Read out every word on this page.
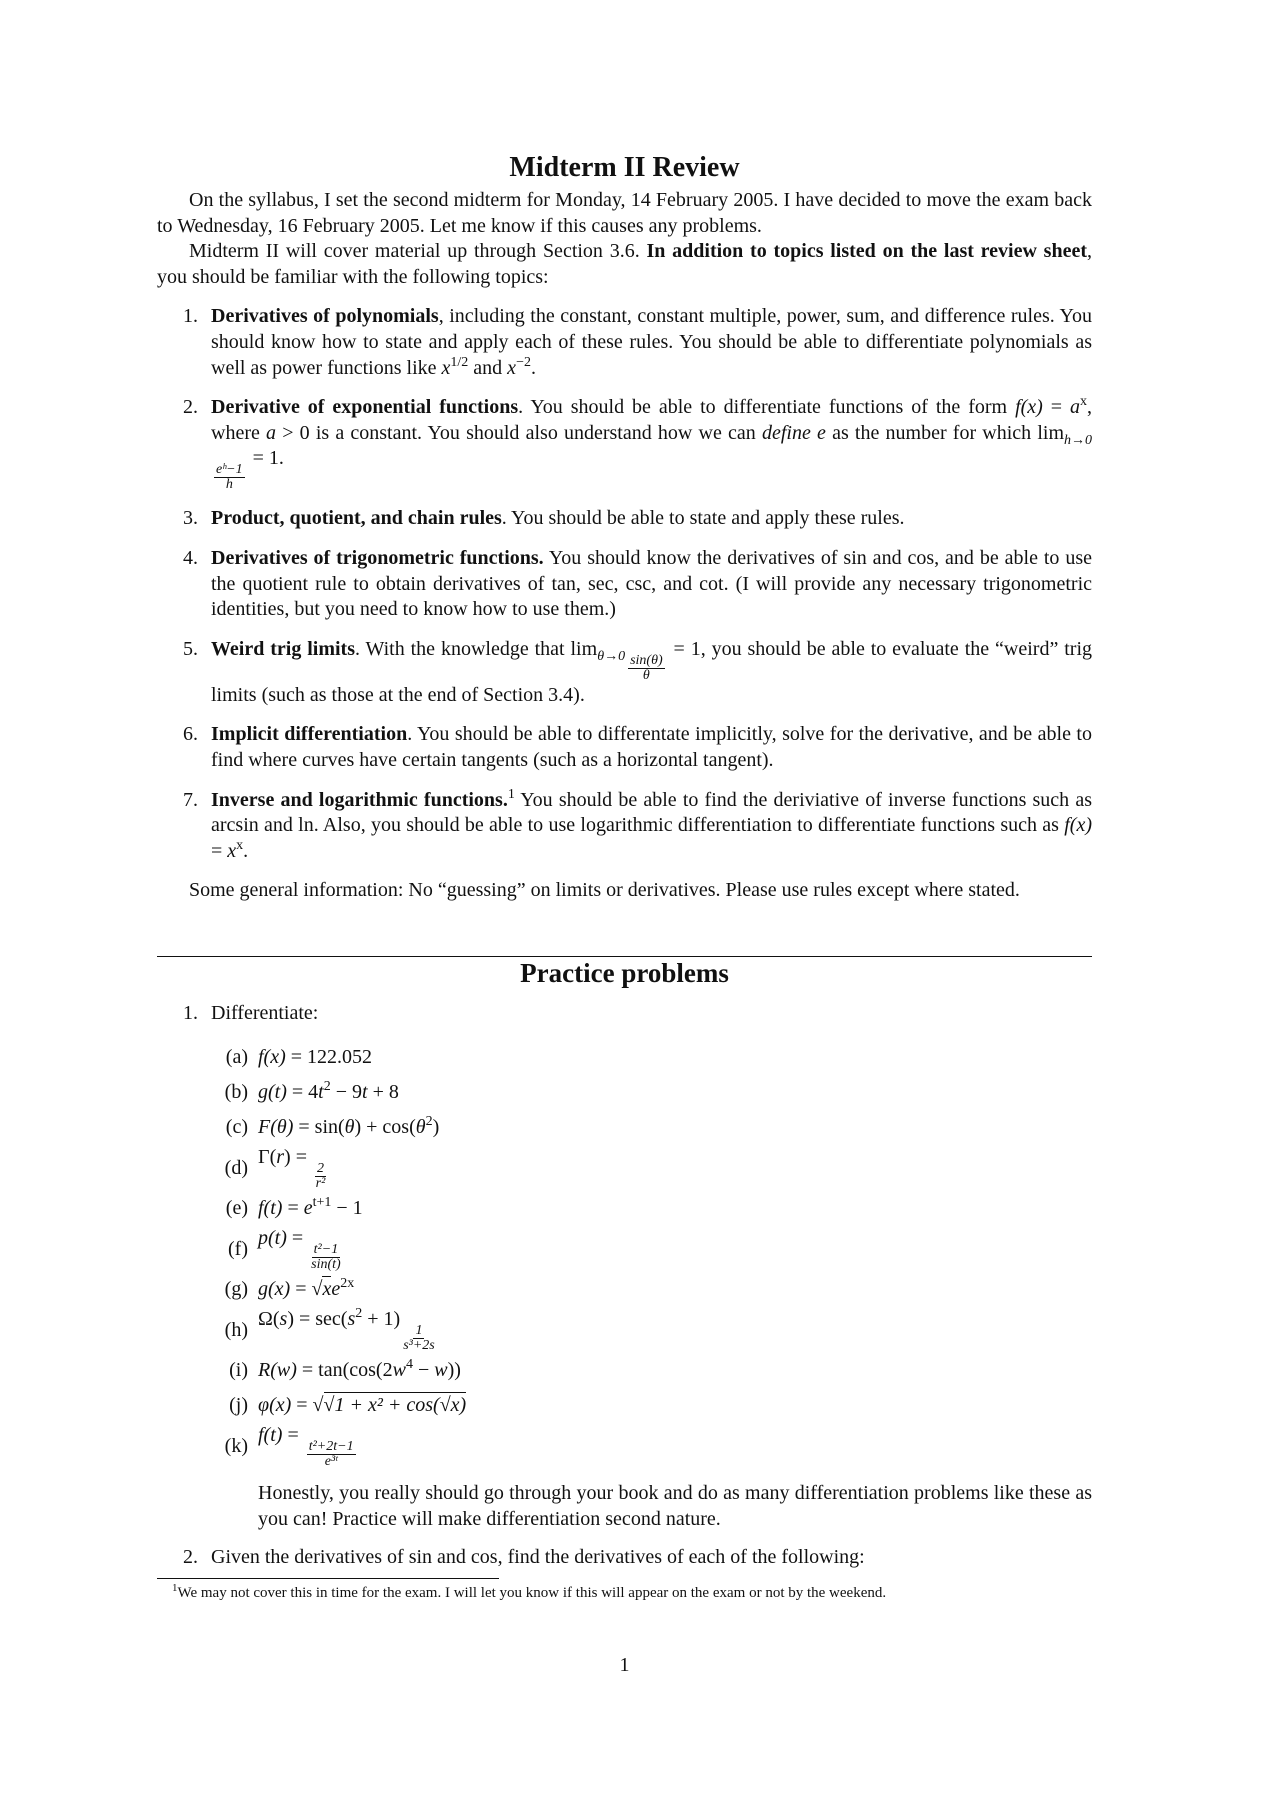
Midterm II Review

On the syllabus, I set the second midterm for Monday, 14 February 2005. I have decided to move the exam back to Wednesday, 16 February 2005. Let me know if this causes any problems.

Midterm II will cover material up through Section 3.6. In addition to topics listed on the last review sheet, you should be familiar with the following topics:

1. Derivatives of polynomials, including the constant, constant multiple, power, sum, and difference rules. You should know how to state and apply each of these rules. You should be able to differentiate polynomials as well as power functions like $x^{1/2}$ and $x^{-2}$.
2. Derivative of exponential functions. You should be able to differentiate functions of the form $f(x) = a^x$, where a > 0 is a constant. You should also understand how we can define e as the number for which $\lim_{h\to 0}$
$\frac{\text{eʰ−1}}{h}$
= 1.
3. Product, quotient, and chain rules. You should be able to state and apply these rules.
4. Derivatives of trigonometric functions. You should know the derivatives of sin and cos, and be able to use the quotient rule to obtain derivatives of tan, sec, csc, and cot. (I will provide any necessary trigonometric identities, but you need to know how to use them.)
5. Weird trig limits. With the knowledge that $\lim_{\theta\to 0} \frac{\sin(\theta)}{\theta}$
= 1, you should be able to evaluate the “weird” trig limits (such as those at the end of Section 3.4).
6. Implicit differentiation. You should be able to differentate implicitly, solve for the derivative, and be able to find where curves have certain tangents (such as a horizontal tangent).
7. Inverse and logarithmic functions.$^1$ You should be able to find the deriviative of inverse functions such as arcsin and ln. Also, you should be able to use logarithmic differentiation to differentiate functions such as $f(x) = x^x$.
Some general information: No “guessing” on limits or derivatives. Please use rules except where stated.
Practice problems
1. Differentiate:
(a) f(x) = 122.052
(b) $g(t) = 4t^2 - 9t + 8$
(c) $F(\theta) = \sin(\theta) + \cos(\theta^2)$
(d) Γ(r) =
$\frac{2}{\text{r²}}$
(e) $f(t) = e^{t+1} - 1$
(f) p(t) =
$\frac{\text{t²−1}}{\sin(t)}$
(g) $g(x) = √xe^{2x}$
(h) $\Omega(s) = \sec(s^2 + 1)$
$\frac{1}{\text{s³+2s}}$
(i) $R(w) = \tan(\cos(2w^4 - w))$
(j) φ(x) = √√1 + x² + cos(√x)
(k) f(t) =
$\frac{\text{t²+2t−1}}{\text{e³ᵗ}}$
Honestly, you really should go through your book and do as many differentiation problems like these as you can! Practice will make differentiation second nature.
2. Given the derivatives of sin and cos, find the derivatives of each of the following:
$^1$We may not cover this in time for the exam. I will let you know if this will appear on the exam or not by the weekend.
1
